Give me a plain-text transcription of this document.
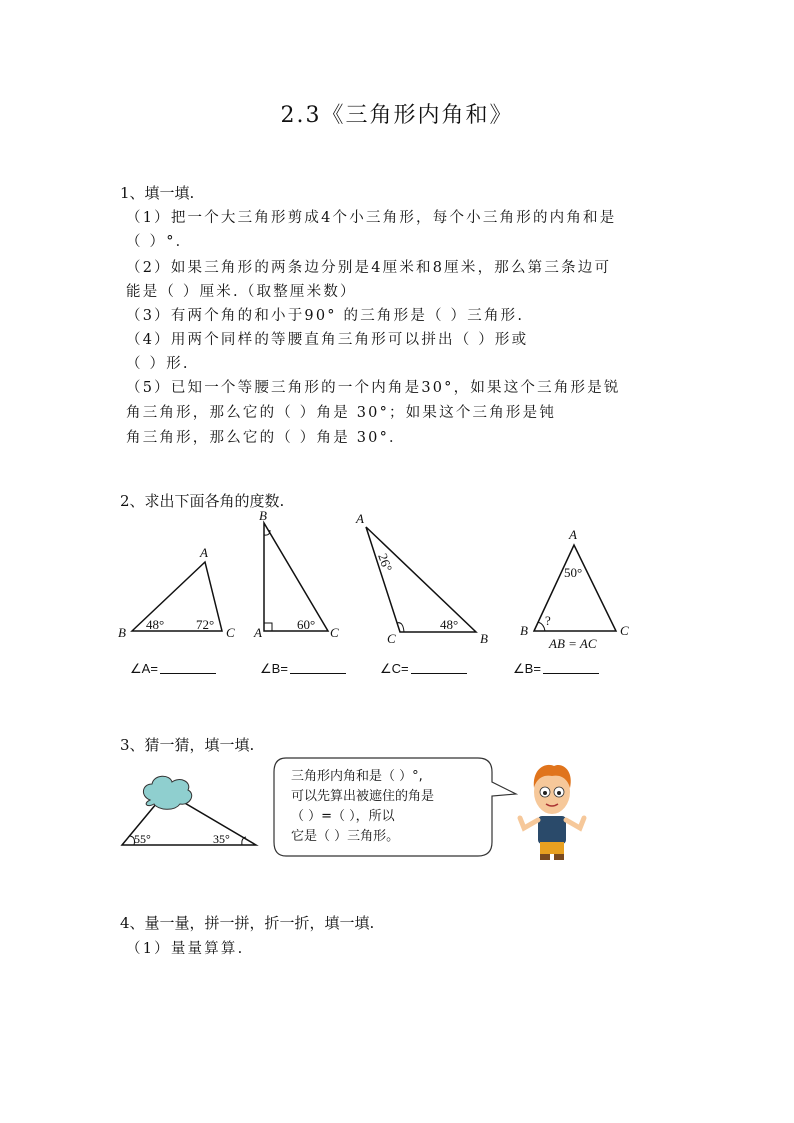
2.3《三角形内角和》
1、填一填.
（1）把一个大三角形剪成4个小三角形，每个小三角形的内角和是
（ ）°．
（2）如果三角形的两条边分别是4厘米和8厘米，那么第三条边可
能是（ ）厘米.（取整厘米数）
（3）有两个角的和小于90° 的三角形是（ ）三角形.
（4）用两个同样的等腰直角三角形可以拼出（ ）形或
（ ）形.
（5）已知一个等腰三角形的一个内角是30°，如果这个三角形是锐
角三角形，那么它的（ ）角是 30°；如果这个三角形是钝
角三角形，那么它的（ ）角是 30°．
2、求出下面各角的度数.
A
B	C
48° 72°
B
A	C
60°
A
C	B
26°
48°
A
B	C
50°
?
AB = AC
∠A=	∠B=	∠C=	∠B=
3、猜一猜，填一填.
55°	35°
三角形内角和是（ ）°,
可以先算出被遮住的角是
（ ）=（ ），所以
它是（ ）三角形。
4、量一量，拼一拼，折一折，填一填.
（1）量量算算.
